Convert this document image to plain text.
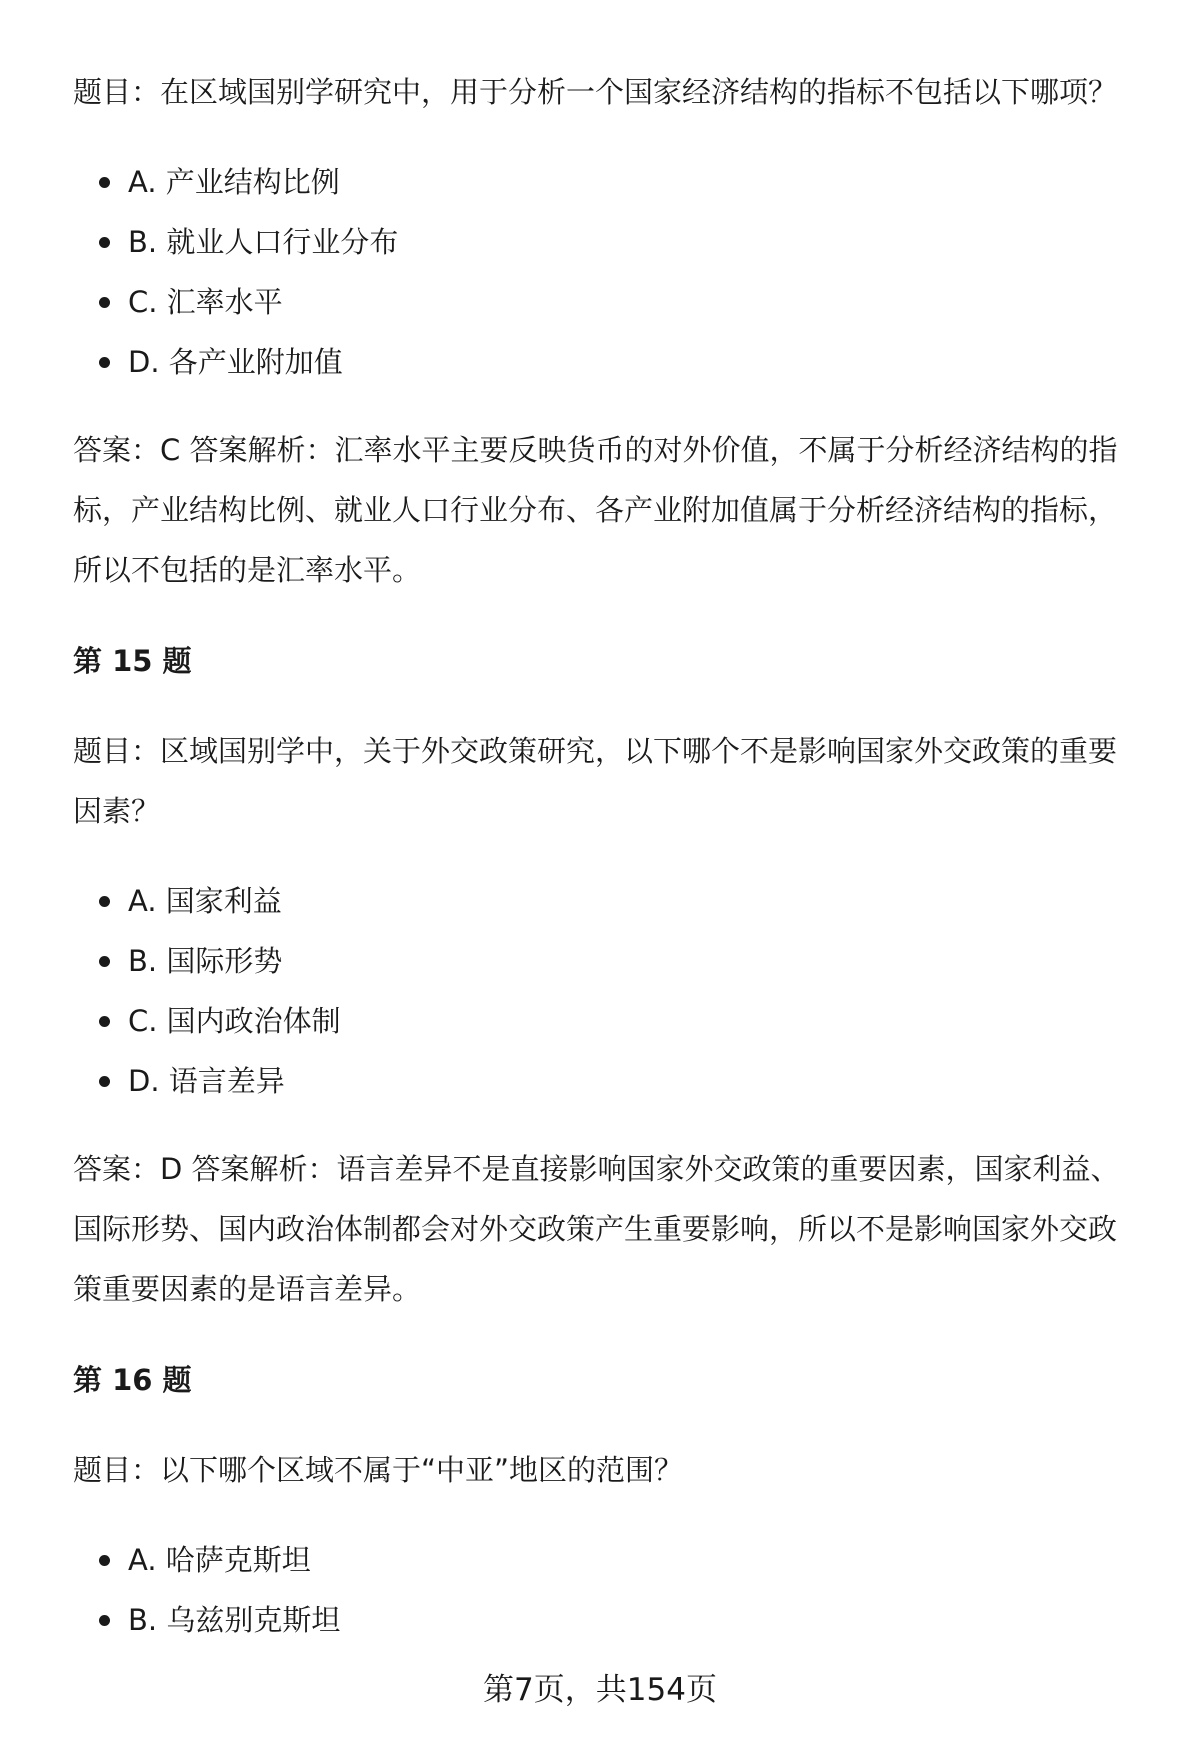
题目：在区域国别学研究中，用于分析一个国家经济结构的指标不包括以下哪项？

A. 产业结构比例
B. 就业人口行业分布
C. 汇率水平
D. 各产业附加值

答案：C 答案解析：汇率水平主要反映货币的对外价值，不属于分析经济结构的指

标，产业结构比例、就业人口行业分布、各产业附加值属于分析经济结构的指标，

所以不包括的是汇率水平。

第 15 题

题目：区域国别学中，关于外交政策研究，以下哪个不是影响国家外交政策的重要

因素？

A. 国家利益
B. 国际形势
C. 国内政治体制
D. 语言差异

答案：D 答案解析：语言差异不是直接影响国家外交政策的重要因素，国家利益、

国际形势、国内政治体制都会对外交政策产生重要影响，所以不是影响国家外交政

策重要因素的是语言差异。

第 16 题

题目：以下哪个区域不属于“中亚”地区的范围？

A. 哈萨克斯坦
B. 乌兹别克斯坦
第7页，共154页
